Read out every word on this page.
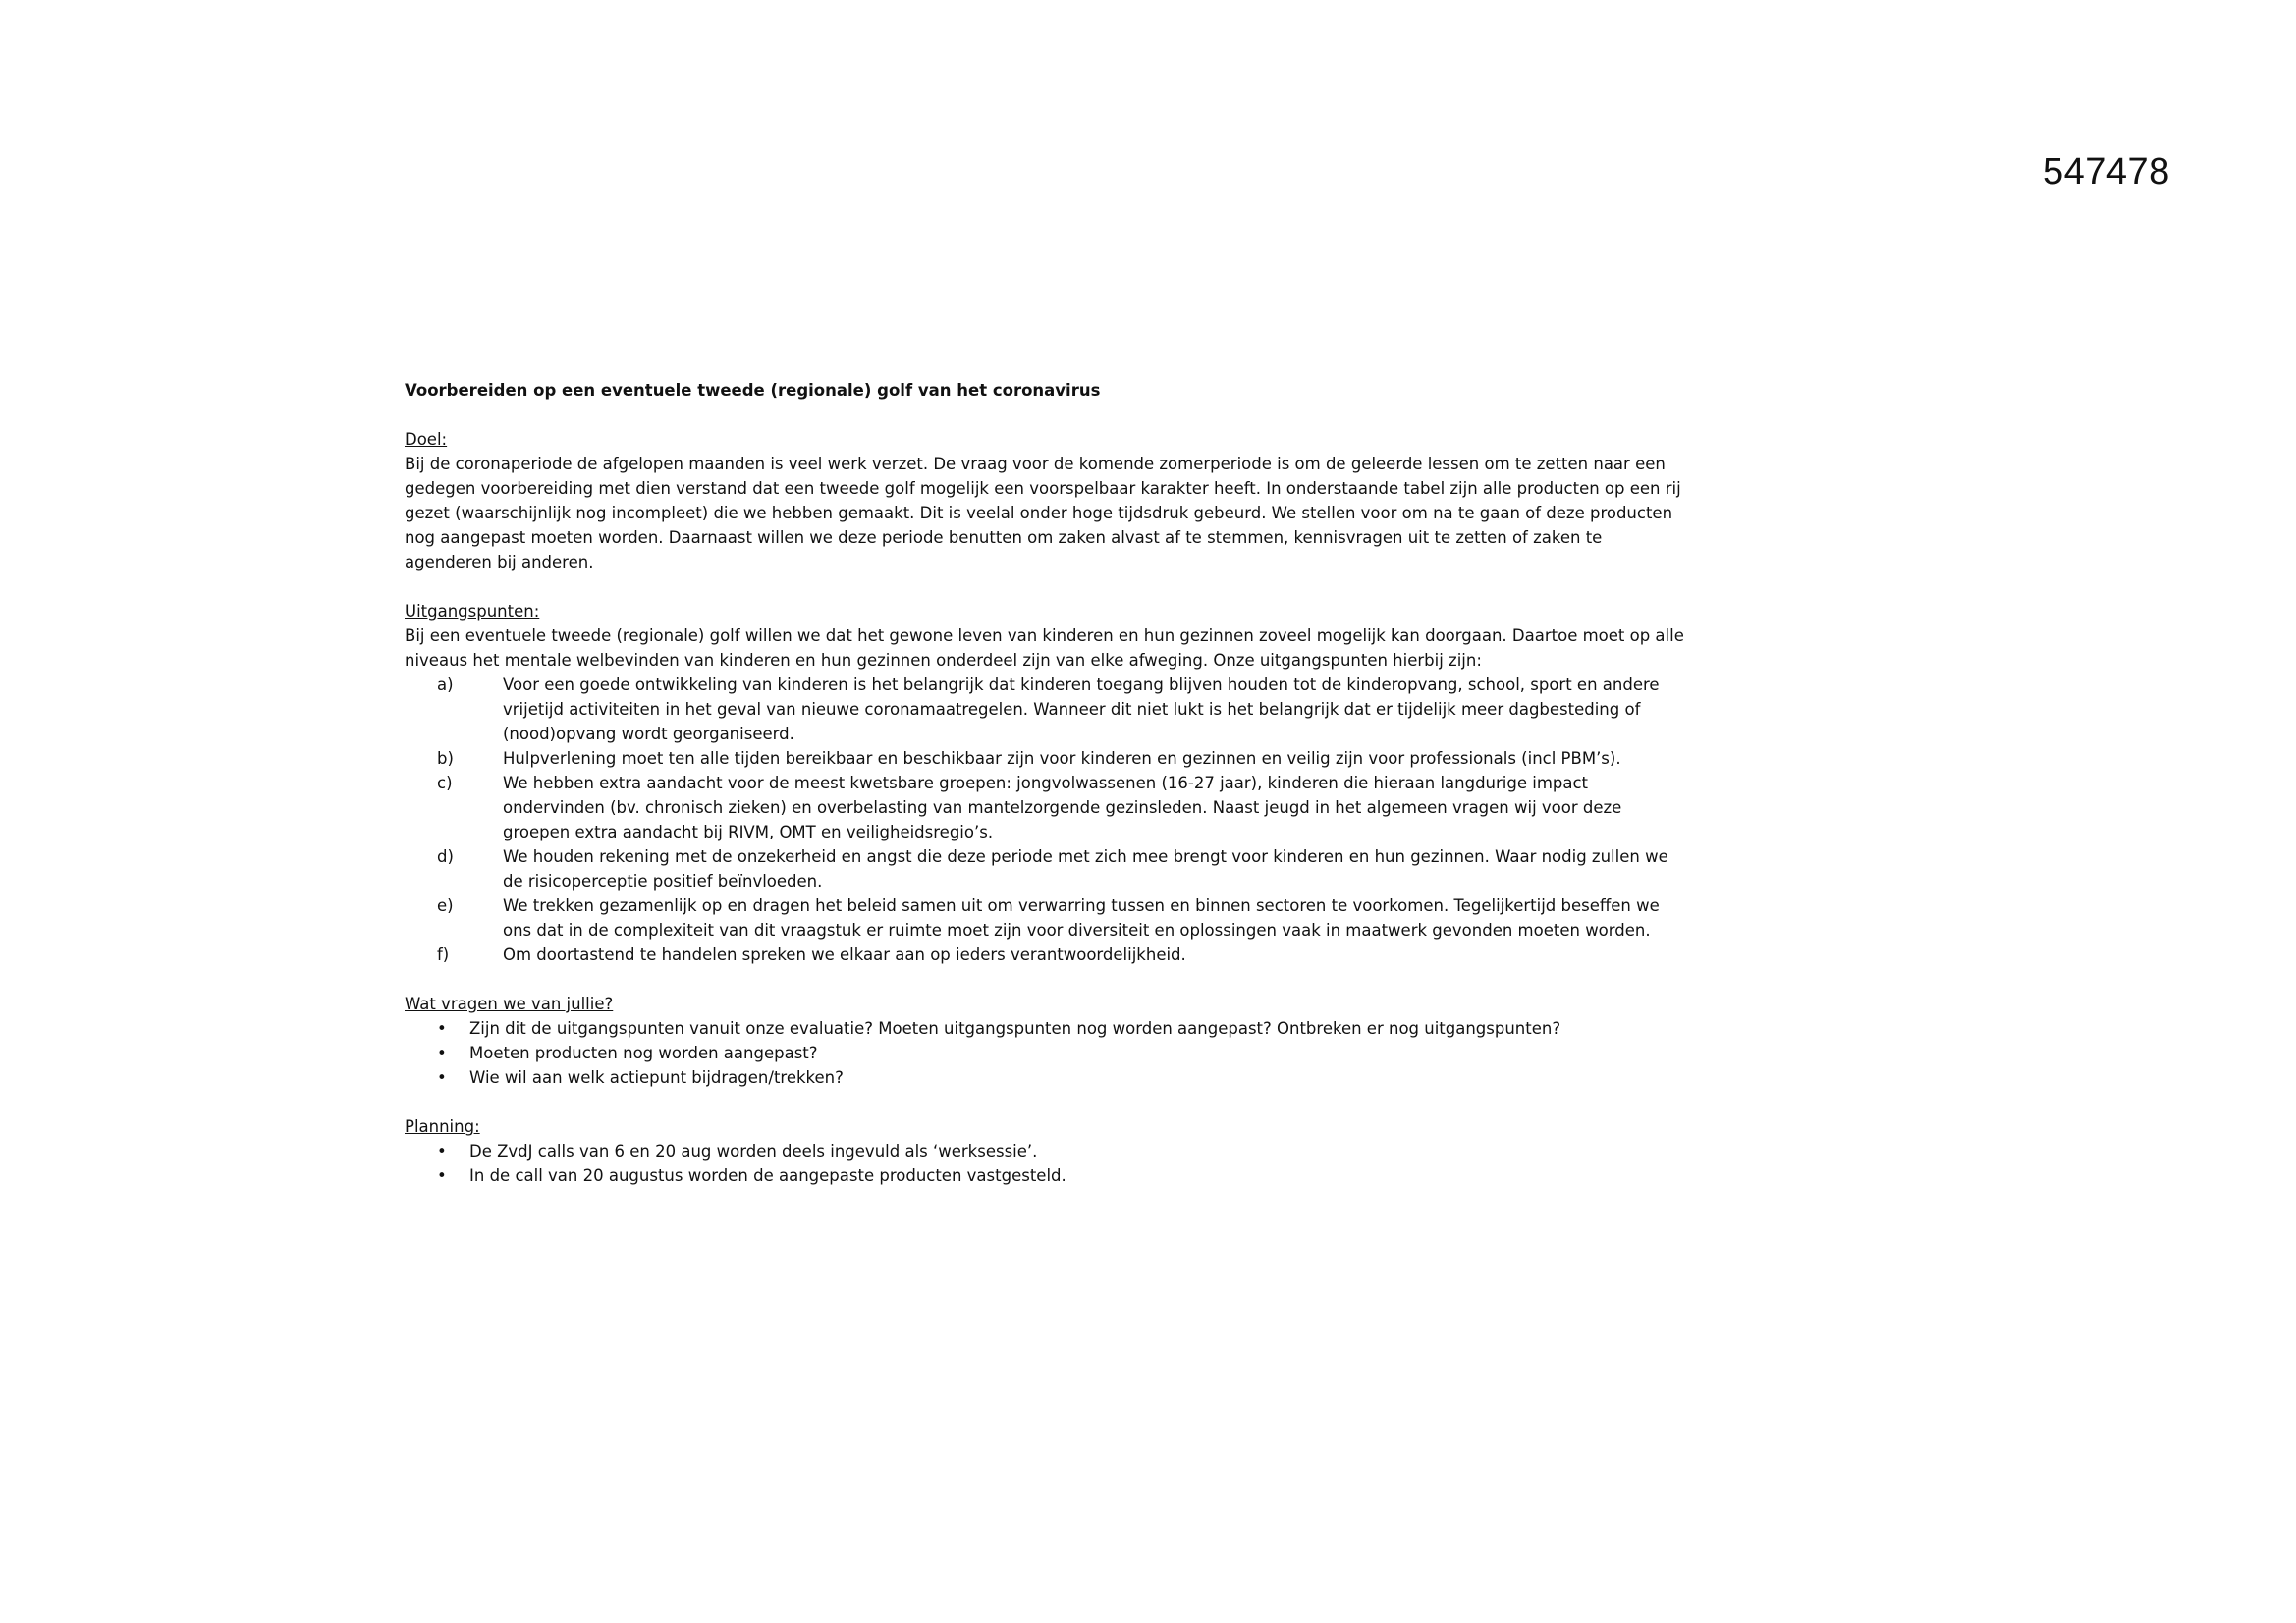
547478

Voorbereiden op een eventuele tweede (regionale) golf van het coronavirus

Doel:

Bij de coronaperiode de afgelopen maanden is veel werk verzet. De vraag voor de komende zomerperiode is om de geleerde lessen om te zetten naar een gedegen voorbereiding met dien verstand dat een tweede golf mogelijk een voorspelbaar karakter heeft. In onderstaande tabel zijn alle producten op een rij gezet (waarschijnlijk nog incompleet) die we hebben gemaakt. Dit is veelal onder hoge tijdsdruk gebeurd. We stellen voor om na te gaan of deze producten nog aangepast moeten worden. Daarnaast willen we deze periode benutten om zaken alvast af te stemmen, kennisvragen uit te zetten of zaken te agenderen bij anderen.

Uitgangspunten:

Bij een eventuele tweede (regionale) golf willen we dat het gewone leven van kinderen en hun gezinnen zoveel mogelijk kan doorgaan. Daartoe moet op alle niveaus het mentale welbevinden van kinderen en hun gezinnen onderdeel zijn van elke afweging. Onze uitgangspunten hierbij zijn:

a)	Voor een goede ontwikkeling van kinderen is het belangrijk dat kinderen toegang blijven houden tot de kinderopvang, school, sport en andere vrijetijd activiteiten in het geval van nieuwe coronamaatregelen. Wanneer dit niet lukt is het belangrijk dat er tijdelijk meer dagbesteding of (nood)opvang wordt georganiseerd.
b)	Hulpverlening moet ten alle tijden bereikbaar en beschikbaar zijn voor kinderen en gezinnen en veilig zijn voor professionals (incl PBM’s).
c)	We hebben extra aandacht voor de meest kwetsbare groepen: jongvolwassenen (16-27 jaar), kinderen die hieraan langdurige impact ondervinden (bv. chronisch zieken) en overbelasting van mantelzorgende gezinsleden. Naast jeugd in het algemeen vragen wij voor deze groepen extra aandacht bij RIVM, OMT en veiligheidsregio’s.
d)	We houden rekening met de onzekerheid en angst die deze periode met zich mee brengt voor kinderen en hun gezinnen. Waar nodig zullen we de risicoperceptie positief beïnvloeden.
e)	We trekken gezamenlijk op en dragen het beleid samen uit om verwarring tussen en binnen sectoren te voorkomen. Tegelijkertijd beseffen we ons dat in de complexiteit van dit vraagstuk er ruimte moet zijn voor diversiteit en oplossingen vaak in maatwerk gevonden moeten worden.
f)	Om doortastend te handelen spreken we elkaar aan op ieders verantwoordelijkheid.

Wat vragen we van jullie?

• Zijn dit de uitgangspunten vanuit onze evaluatie? Moeten uitgangspunten nog worden aangepast? Ontbreken er nog uitgangspunten?
• Moeten producten nog worden aangepast?
• Wie wil aan welk actiepunt bijdragen/trekken?

Planning:

• De ZvdJ calls van 6 en 20 aug worden deels ingevuld als ‘werksessie’.
• In de call van 20 augustus worden de aangepaste producten vastgesteld.
